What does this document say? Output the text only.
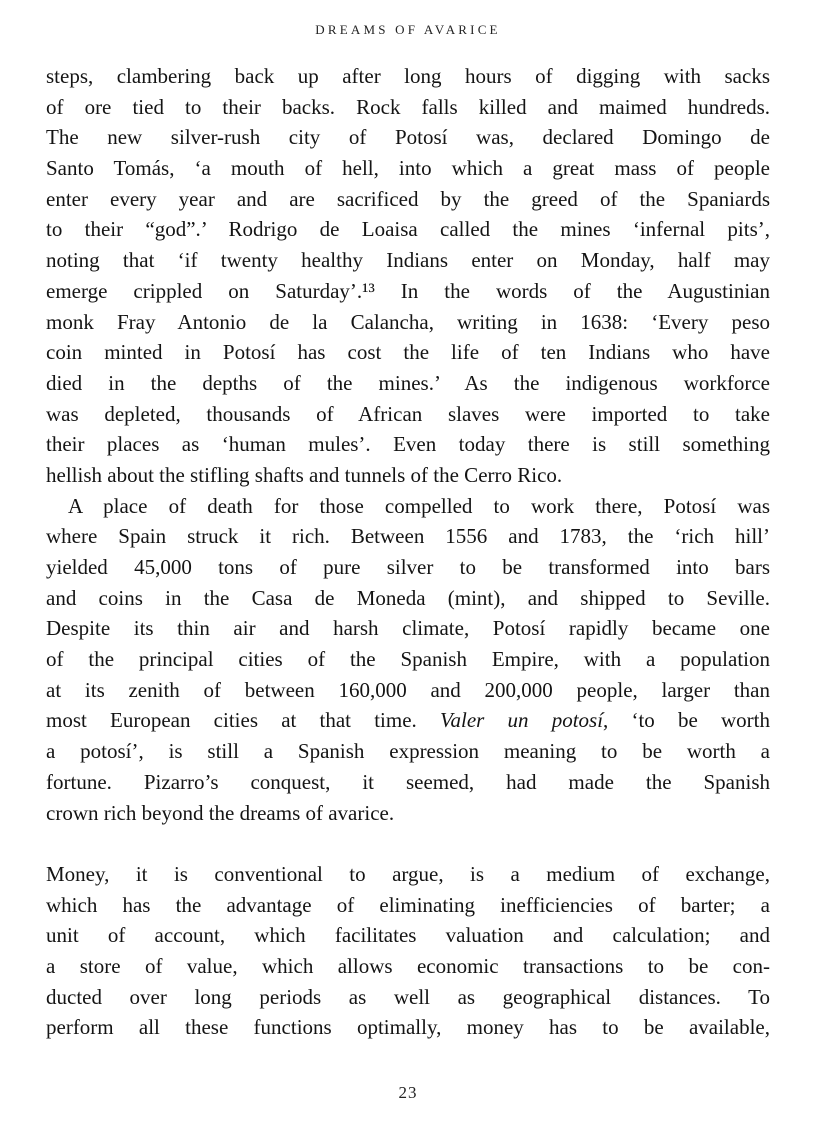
DREAMS OF AVARICE
steps, clambering back up after long hours of digging with sacks
of ore tied to their backs. Rock falls killed and maimed hundreds.
The new silver-rush city of Potosí was, declared Domingo de
Santo Tomás, ‘a mouth of hell, into which a great mass of people
enter every year and are sacrificed by the greed of the Spaniards
to their “god”.’ Rodrigo de Loaisa called the mines ‘infernal pits’,
noting that ‘if twenty healthy Indians enter on Monday, half may
emerge crippled on Saturday’.¹³ In the words of the Augustinian
monk Fray Antonio de la Calancha, writing in 1638: ‘Every peso
coin minted in Potosí has cost the life of ten Indians who have
died in the depths of the mines.’ As the indigenous workforce
was depleted, thousands of African slaves were imported to take
their places as ‘human mules’. Even today there is still something
hellish about the stifling shafts and tunnels of the Cerro Rico.
A place of death for those compelled to work there, Potosí was
where Spain struck it rich. Between 1556 and 1783, the ‘rich hill’
yielded 45,000 tons of pure silver to be transformed into bars
and coins in the Casa de Moneda (mint), and shipped to Seville.
Despite its thin air and harsh climate, Potosí rapidly became one
of the principal cities of the Spanish Empire, with a population
at its zenith of between 160,000 and 200,000 people, larger than
most European cities at that time. Valer un potosí, ‘to be worth
a potosí’, is still a Spanish expression meaning to be worth a
fortune. Pizarro’s conquest, it seemed, had made the Spanish
crown rich beyond the dreams of avarice.
Money, it is conventional to argue, is a medium of exchange,
which has the advantage of eliminating inefficiencies of barter; a
unit of account, which facilitates valuation and calculation; and
a store of value, which allows economic transactions to be con-
ducted over long periods as well as geographical distances. To
perform all these functions optimally, money has to be available,
23
